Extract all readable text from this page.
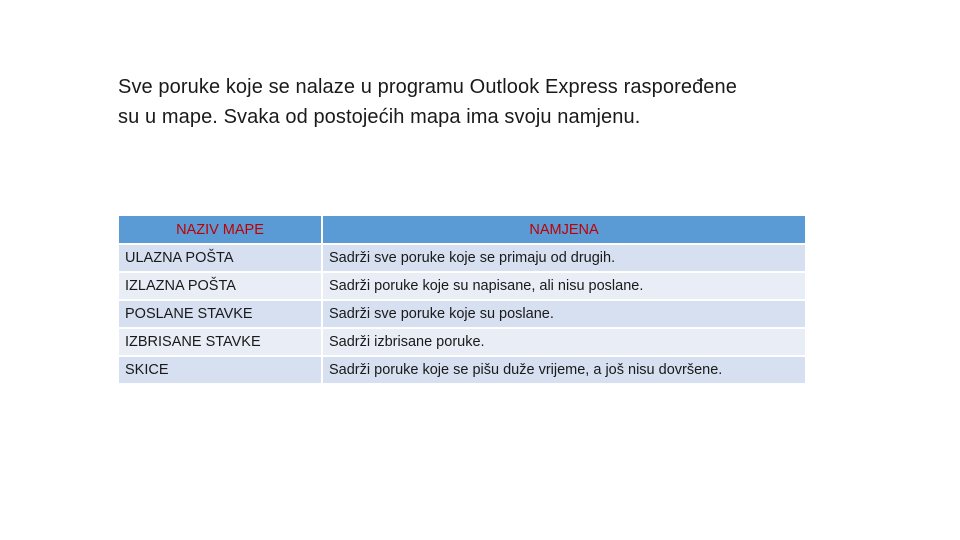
Sve poruke koje se nalaze u programu Outlook Express raspoređene

su u mape. Svaka od postojećih mapa ima svoju namjenu.

NAZIV MAPE	NAMJENA
ULAZNA POŠTA	Sadrži sve poruke koje se primaju od drugih.
IZLAZNA POŠTA	Sadrži poruke koje su napisane, ali nisu poslane.
POSLANE STAVKE	Sadrži sve poruke koje su poslane.
IZBRISANE STAVKE	Sadrži izbrisane poruke.
SKICE	Sadrži poruke koje se pišu duže vrijeme, a još nisu dovršene.
